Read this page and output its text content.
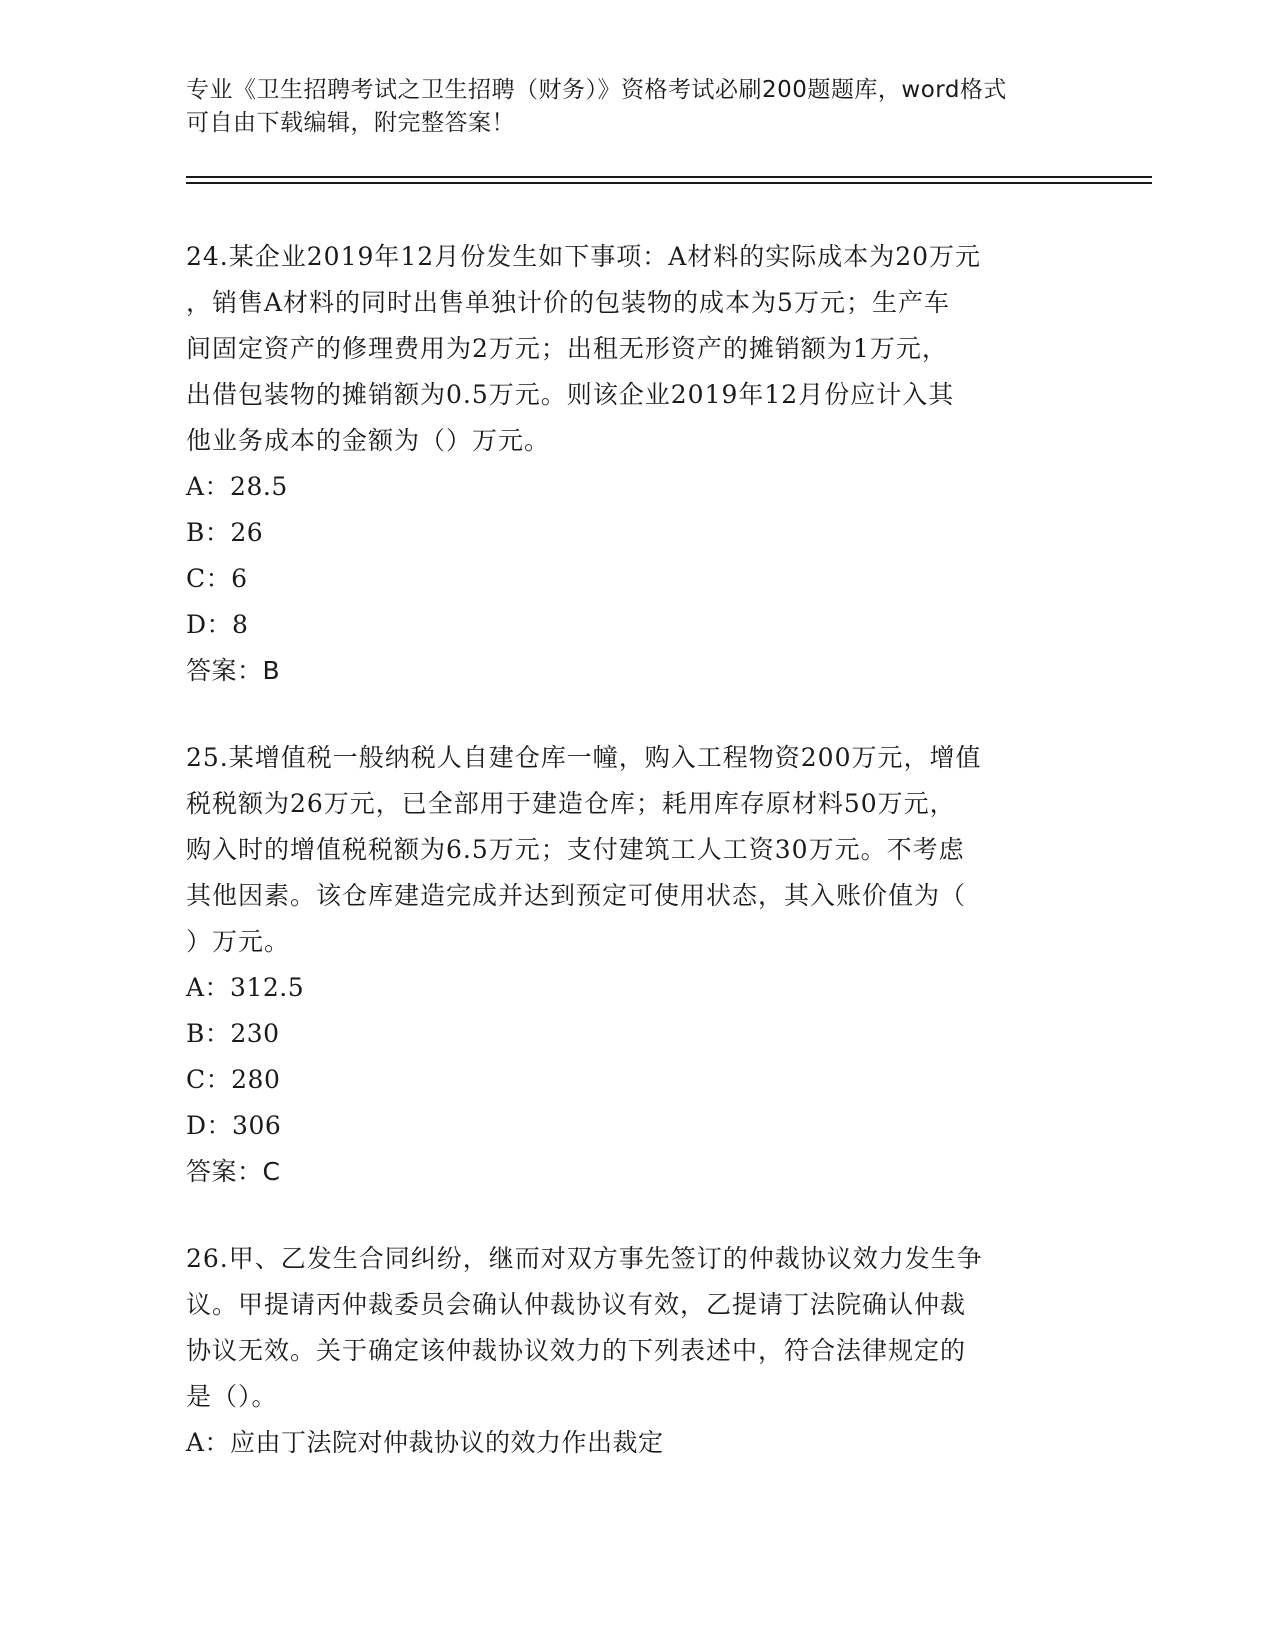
专业《卫生招聘考试之卫生招聘（财务）》资格考试必刷200题题库，word格式
可自由下载编辑，附完整答案！
24.某企业2019年12月份发生如下事项：A材料的实际成本为20万元
，销售A材料的同时出售单独计价的包装物的成本为5万元；生产车
间固定资产的修理费用为2万元；出租无形资产的摊销额为1万元，
出借包装物的摊销额为0.5万元。则该企业2019年12月份应计入其
他业务成本的金额为（）万元。
A：28.5
B：26
C：6
D：8
答案：B
25.某增值税一般纳税人自建仓库一幢，购入工程物资200万元，增值
税税额为26万元，已全部用于建造仓库；耗用库存原材料50万元，
购入时的增值税税额为6.5万元；支付建筑工人工资30万元。不考虑
其他因素。该仓库建造完成并达到预定可使用状态，其入账价值为（
）万元。
A：312.5
B：230
C：280
D：306
答案：C
26.甲、乙发生合同纠纷，继而对双方事先签订的仲裁协议效力发生争
议。甲提请丙仲裁委员会确认仲裁协议有效，乙提请丁法院确认仲裁
协议无效。关于确定该仲裁协议效力的下列表述中，符合法律规定的
是（）。
A：应由丁法院对仲裁协议的效力作出裁定
